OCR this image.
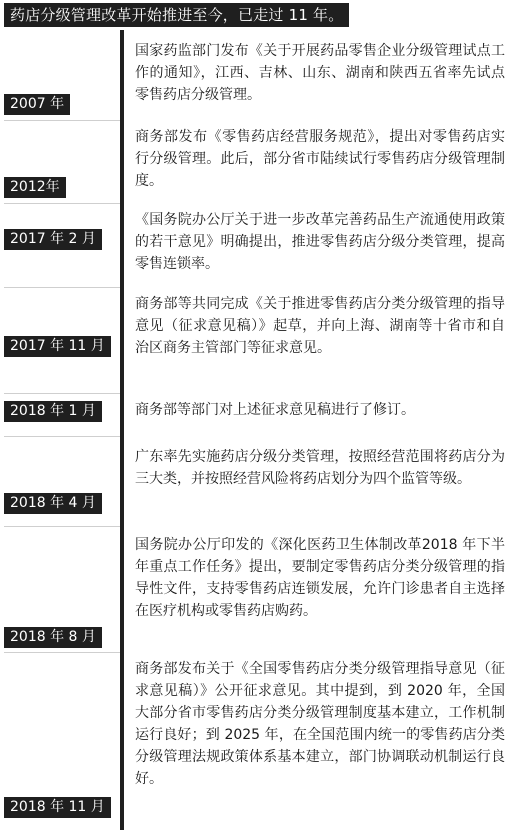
药店分级管理改革开始推进至今，已走过 11 年。
国家药监部门发布《关于开展药品零售企业分级管理试点工作的通知》，江西、吉林、山东、湖南和陕西五省率先试点零售药店分级管理。
2007 年
商务部发布《零售药店经营服务规范》，提出对零售药店实行分级管理。此后，部分省市陆续试行零售药店分级管理制度。
2012年
《国务院办公厅关于进一步改革完善药品生产流通使用政策的若干意见》明确提出，推进零售药店分级分类管理，提高零售连锁率。
2017 年 2 月
商务部等共同完成《关于推进零售药店分类分级管理的指导意见（征求意见稿）》起草，并向上海、湖南等十省市和自治区商务主管部门等征求意见。
2017 年 11 月
商务部等部门对上述征求意见稿进行了修订。
2018 年 1 月
广东率先实施药店分级分类管理，按照经营范围将药店分为三大类，并按照经营风险将药店划分为四个监管等级。
2018 年 4 月
国务院办公厅印发的《深化医药卫生体制改革2018 年下半年重点工作任务》提出，要制定零售药店分类分级管理的指导性文件，支持零售药店连锁发展，允许门诊患者自主选择在医疗机构或零售药店购药。
2018 年 8 月
商务部发布关于《全国零售药店分类分级管理指导意见（征求意见稿）》公开征求意见。其中提到，到 2020 年，全国大部分省市零售药店分类分级管理制度基本建立，工作机制运行良好；到 2025 年，在全国范围内统一的零售药店分类分级管理法规政策体系基本建立，部门协调联动机制运行良好。
2018 年 11 月
